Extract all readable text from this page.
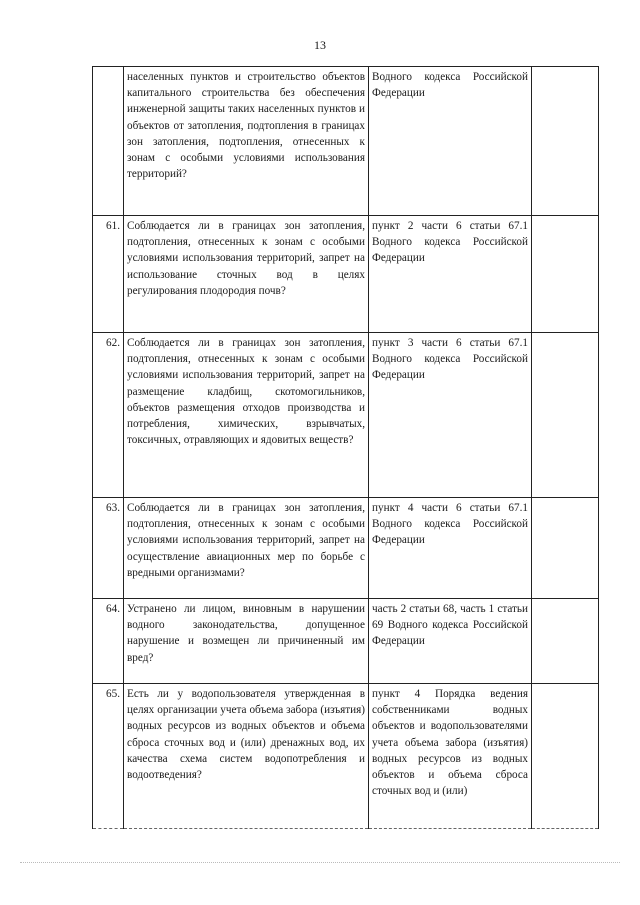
13
	населенных пунктов и строительство объектов капитального строительства без обеспечения инженерной защиты таких населенных пунктов и объектов от затопления, подтопления в границах зон затопления, подтопления, отнесенных к зонам с особыми условиями использования территорий?	Водного кодекса Российской Федерации	
61.	Соблюдается ли в границах зон затопления, подтопления, отнесенных к зонам с особыми условиями использования территорий, запрет на использование сточных вод в целях регулирования плодородия почв?	пункт 2 части 6 статьи 67.1 Водного кодекса Российской Федерации	
62.	Соблюдается ли в границах зон затопления, подтопления, отнесенных к зонам с особыми условиями использования территорий, запрет на размещение кладбищ, скотомогильников, объектов размещения отходов производства и потребления, химических, взрывчатых, токсичных, отравляющих и ядовитых веществ?	пункт 3 части 6 статьи 67.1 Водного кодекса Российской Федерации	
63.	Соблюдается ли в границах зон затопления, подтопления, отнесенных к зонам с особыми условиями использования территорий, запрет на осуществление авиационных мер по борьбе с вредными организмами?	пункт 4 части 6 статьи 67.1 Водного кодекса Российской Федерации	
64.	Устранено ли лицом, виновным в нарушении водного законодательства, допущенное нарушение и возмещен ли причиненный им вред?	часть 2 статьи 68, часть 1 статьи 69 Водного кодекса Российской Федерации	
65.	Есть ли у водопользователя утвержденная в целях организации учета объема забора (изъятия) водных ресурсов из водных объектов и объема сброса сточных вод и (или) дренажных вод, их качества схема систем водопотребления и водоотведения?	пункт 4 Порядка ведения собственниками водных объектов и водопользователями учета объема забора (изъятия) водных ресурсов из водных объектов и объема сброса сточных вод и (или)	
